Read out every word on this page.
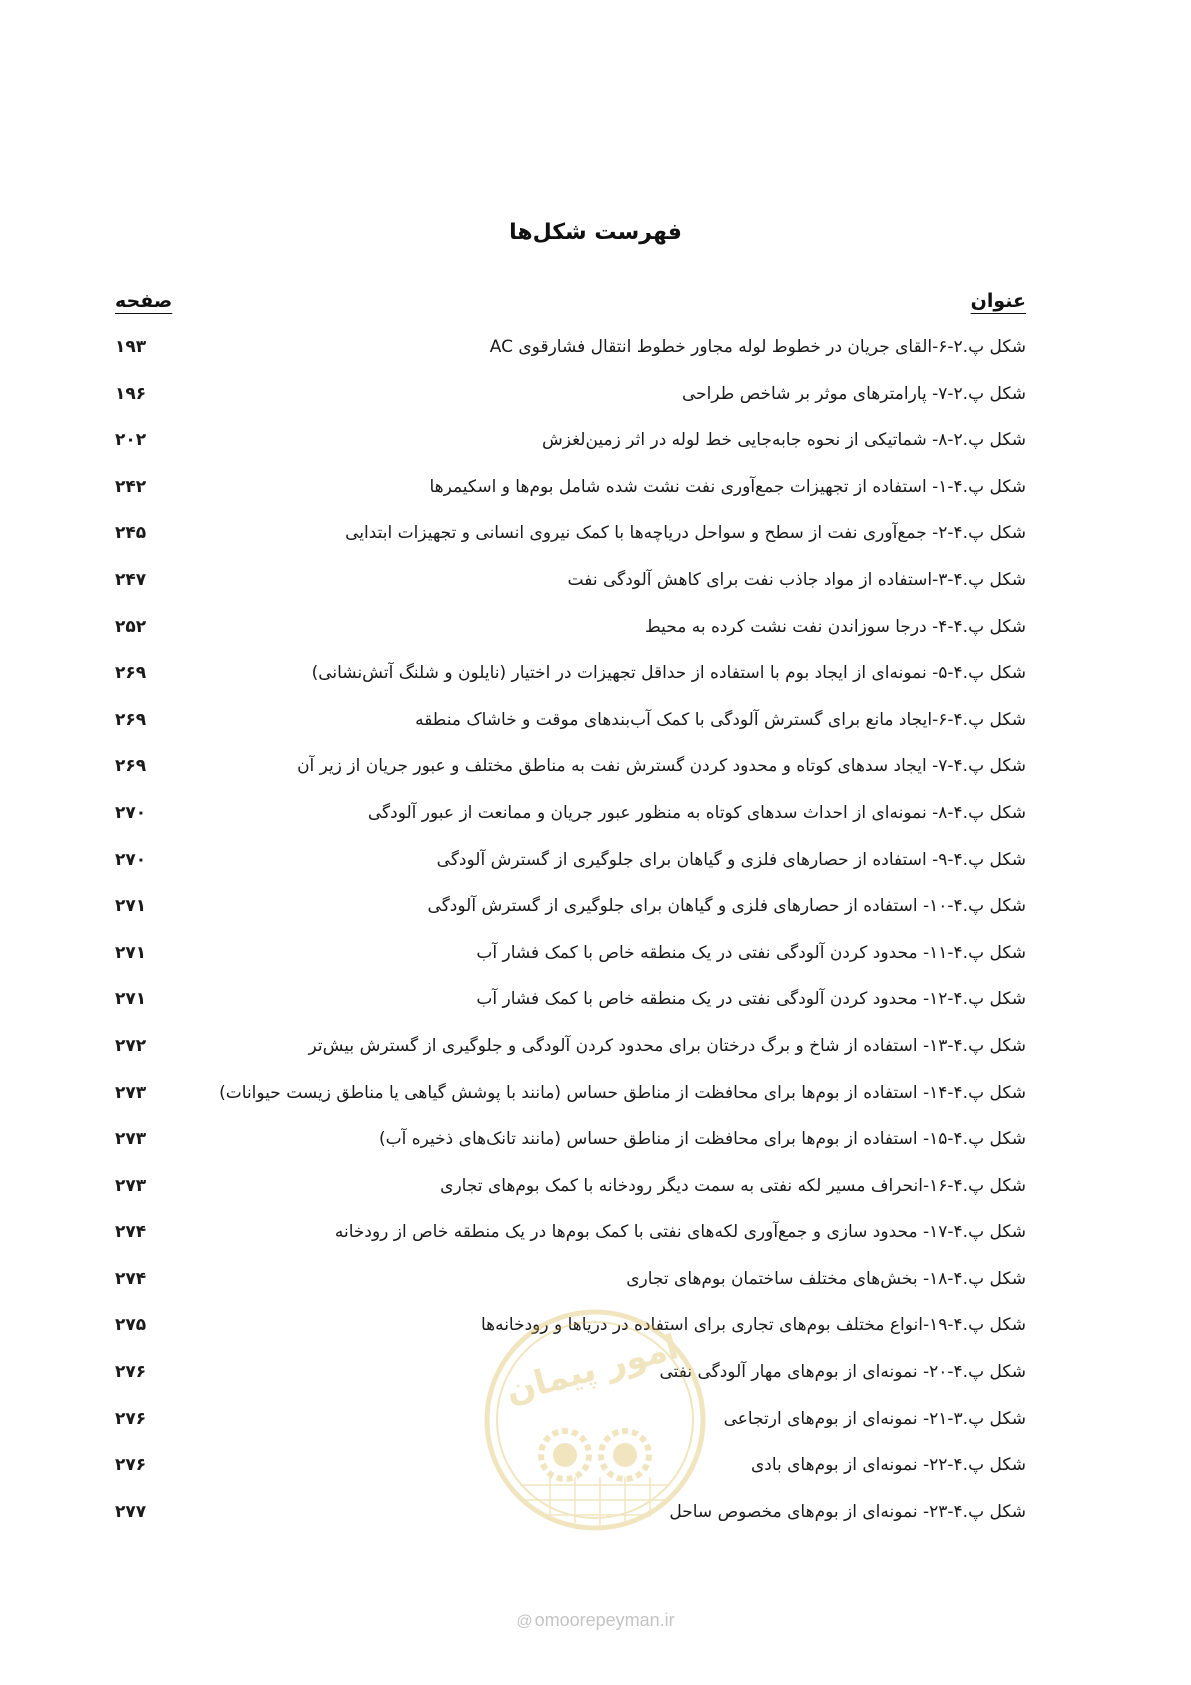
فهرست شکل‌ها
عنوان
صفحه
شکل پ.۲-۶-القای جریان در خطوط لوله مجاور خطوط انتقال فشارقوی AC
۱۹۳
شکل پ.۲-۷- پارامترهای موثر بر شاخص طراحی
۱۹۶
شکل پ.۲-۸- شماتیکی از نحوه جابه‌جایی خط لوله در اثر زمین‌لغزش
۲۰۲
شکل پ.۴-۱- استفاده از تجهیزات جمع‌آوری نفت نشت شده شامل بوم‌ها و اسکیمرها
۲۴۲
شکل پ.۴-۲- جمع‌آوری نفت از سطح و سواحل دریاچه‌ها با کمک نیروی انسانی و تجهیزات ابتدایی
۲۴۵
شکل پ.۴-۳-استفاده از مواد جاذب نفت برای کاهش آلودگی نفت
۲۴۷
شکل پ.۴-۴- درجا سوزاندن نفت نشت کرده به محیط
۲۵۲
شکل پ.۴-۵- نمونه‌ای از ایجاد بوم با استفاده از حداقل تجهیزات در اختیار (نایلون و شلنگ آتش‌نشانی)
۲۶۹
شکل پ.۴-۶-ایجاد مانع برای گسترش آلودگی با کمک آب‌بندهای موقت و خاشاک منطقه
۲۶۹
شکل پ.۴-۷- ایجاد سدهای کوتاه و محدود کردن گسترش نفت به مناطق مختلف و عبور جریان از زیر آن
۲۶۹
شکل پ.۴-۸- نمونه‌ای از احداث سدهای کوتاه به منظور عبور جریان و ممانعت از عبور آلودگی
۲۷۰
شکل پ.۴-۹- استفاده از حصارهای فلزی و گیاهان برای جلوگیری از گسترش آلودگی
۲۷۰
شکل پ.۴-۱۰- استفاده از حصارهای فلزی و گیاهان برای جلوگیری از گسترش آلودگی
۲۷۱
شکل پ.۴-۱۱- محدود کردن آلودگی نفتی در یک منطقه خاص با کمک فشار آب
۲۷۱
شکل پ.۴-۱۲- محدود کردن آلودگی نفتی در یک منطقه خاص با کمک فشار آب
۲۷۱
شکل پ.۴-۱۳- استفاده از شاخ و برگ درختان برای محدود کردن آلودگی و جلوگیری از گسترش بیش‌تر
۲۷۲
شکل پ.۴-۱۴- استفاده از بوم‌ها برای محافظت از مناطق حساس (مانند با پوشش گیاهی یا مناطق زیست حیوانات)
۲۷۳
شکل پ.۴-۱۵- استفاده از بوم‌ها برای محافظت از مناطق حساس (مانند تانک‌های ذخیره آب)
۲۷۳
شکل پ.۴-۱۶-انحراف مسیر لکه نفتی به سمت دیگر رودخانه با کمک بوم‌های تجاری
۲۷۳
شکل پ.۴-۱۷- محدود سازی و جمع‌آوری لکه‌های نفتی با کمک بوم‌ها در یک منطقه خاص از رودخانه
۲۷۴
شکل پ.۴-۱۸- بخش‌های مختلف ساختمان بوم‌های تجاری
۲۷۴
شکل پ.۴-۱۹-انواع مختلف بوم‌های تجاری برای استفاده در دریاها و رودخانه‌ها
۲۷۵
شکل پ.۴-۲۰- نمونه‌ای از بوم‌های مهار آلودگی نفتی
۲۷۶
شکل پ.۳-۲۱- نمونه‌ای از بوم‌های ارتجاعی
۲۷۶
شکل پ.۴-۲۲- نمونه‌ای از بوم‌های بادی
۲۷۶
شکل پ.۴-۲۳- نمونه‌ای از بوم‌های مخصوص ساحل
۲۷۷
امور پیمان
@ omoorepeyman.ir
